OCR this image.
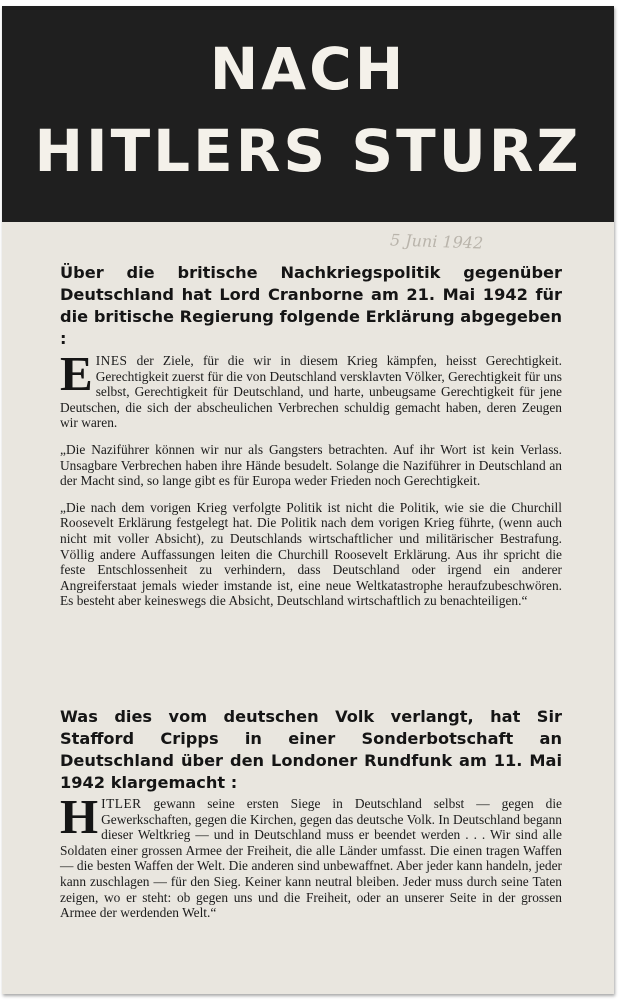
NACH
HITLERS STURZ
5 Juni 1942
Über die britische Nachkriegspolitik gegenüber Deutschland hat Lord Cranborne am 21. Mai 1942 für die britische Regierung folgende Erklärung abgegeben :

EINES der Ziele, für die wir in diesem Krieg kämpfen, heisst Gerechtigkeit. Gerechtigkeit zuerst für die von Deutschland versklavten Völker, Gerechtigkeit für uns selbst, Gerechtigkeit für Deutschland, und harte, unbeugsame Gerechtigkeit für jene Deutschen, die sich der abscheulichen Verbrechen schuldig gemacht haben, deren Zeugen wir waren.

„Die Naziführer können wir nur als Gangsters betrachten. Auf ihr Wort ist kein Verlass. Unsagbare Verbrechen haben ihre Hände besudelt. Solange die Naziführer in Deutschland an der Macht sind, so lange gibt es für Europa weder Frieden noch Gerechtigkeit.

„Die nach dem vorigen Krieg verfolgte Politik ist nicht die Politik, wie sie die Churchill Roosevelt Erklärung festgelegt hat. Die Politik nach dem vorigen Krieg führte, (wenn auch nicht mit voller Absicht), zu Deutschlands wirtschaftlicher und militärischer Bestrafung. Völlig andere Auffassungen leiten die Churchill Roosevelt Erklärung. Aus ihr spricht die feste Entschlossenheit zu verhindern, dass Deutschland oder irgend ein anderer Angreiferstaat jemals wieder imstande ist, eine neue Weltkatastrophe heraufzubeschwören. Es besteht aber keineswegs die Absicht, Deutschland wirtschaftlich zu benachteiligen.“

Was dies vom deutschen Volk verlangt, hat Sir Stafford Cripps in einer Sonderbotschaft an Deutschland über den Londoner Rundfunk am 11. Mai 1942 klargemacht :

HITLER gewann seine ersten Siege in Deutschland selbst — gegen die Gewerkschaften, gegen die Kirchen, gegen das deutsche Volk. In Deutschland begann dieser Weltkrieg — und in Deutschland muss er beendet werden . . . Wir sind alle Soldaten einer grossen Armee der Freiheit, die alle Länder umfasst. Die einen tragen Waffen — die besten Waffen der Welt. Die anderen sind unbewaffnet. Aber jeder kann handeln, jeder kann zuschlagen — für den Sieg. Keiner kann neutral bleiben. Jeder muss durch seine Taten zeigen, wo er steht: ob gegen uns und die Freiheit, oder an unserer Seite in der grossen Armee der werdenden Welt.“
